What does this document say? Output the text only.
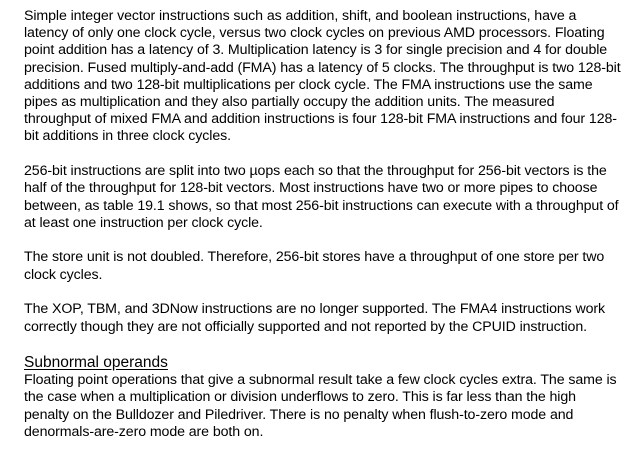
Simple integer vector instructions such as addition, shift, and boolean instructions, have a latency of only one clock cycle, versus two clock cycles on previous AMD processors. Floating point addition has a latency of 3. Multiplication latency is 3 for single precision and 4 for double precision. Fused multiply-and-add (FMA) has a latency of 5 clocks. The throughput is two 128-bit additions and two 128-bit multiplications per clock cycle. The FMA instructions use the same pipes as multiplication and they also partially occupy the addition units. The measured throughput of mixed FMA and addition instructions is four 128-bit FMA instructions and four 128-bit additions in three clock cycles.

256-bit instructions are split into two µops each so that the throughput for 256-bit vectors is the half of the throughput for 128-bit vectors. Most instructions have two or more pipes to choose between, as table 19.1 shows, so that most 256-bit instructions can execute with a throughput of at least one instruction per clock cycle.

The store unit is not doubled. Therefore, 256-bit stores have a throughput of one store per two clock cycles.

The XOP, TBM, and 3DNow instructions are no longer supported. The FMA4 instructions work correctly though they are not officially supported and not reported by the CPUID instruction.

Subnormal operands

Floating point operations that give a subnormal result take a few clock cycles extra. The same is the case when a multiplication or division underflows to zero. This is far less than the high penalty on the Bulldozer and Piledriver. There is no penalty when flush-to-zero mode and denormals-are-zero mode are both on.
